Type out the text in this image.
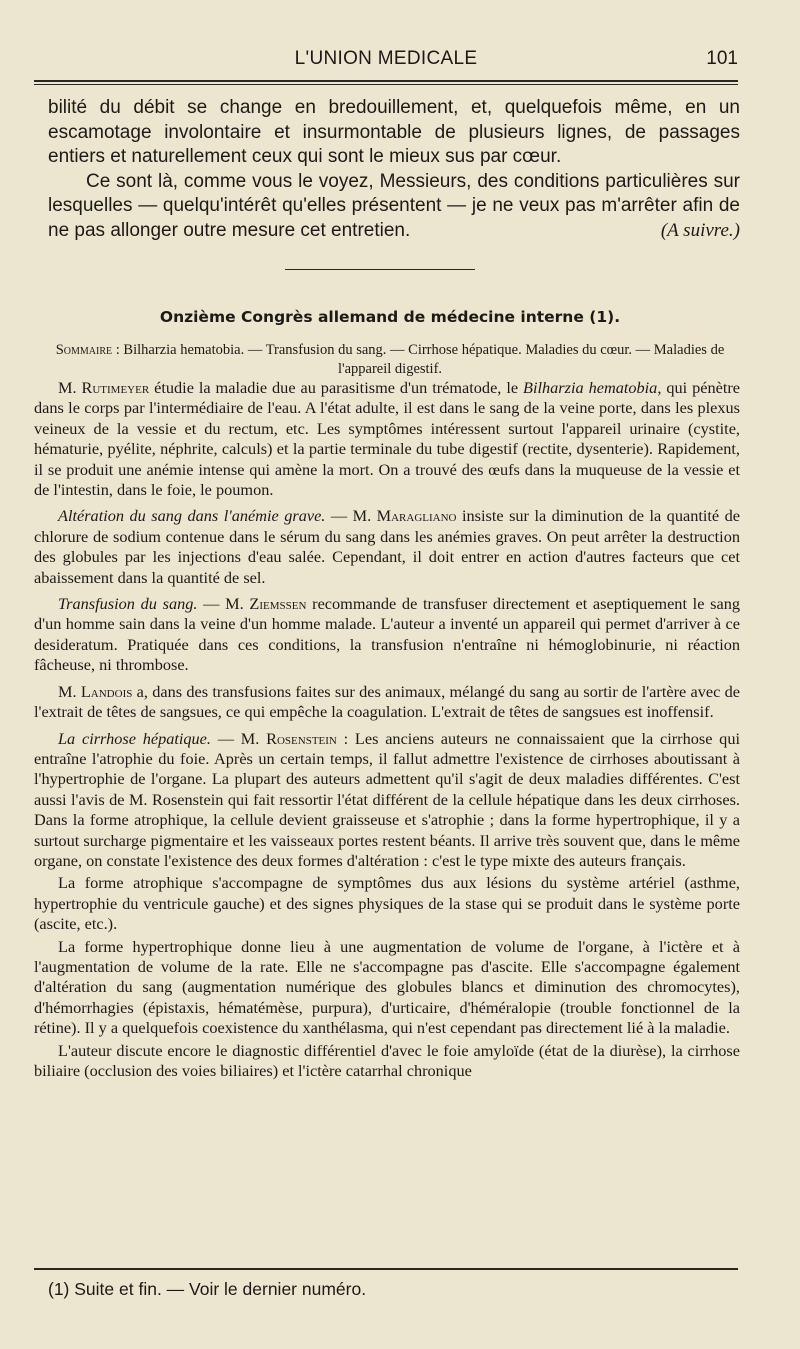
L'UNION MEDICALE	101

bilité du débit se change en bredouillement, et, quelquefois même, en un escamotage involontaire et insurmontable de plusieurs lignes, de passages entiers et naturellement ceux qui sont le mieux sus par cœur.

Ce sont là, comme vous le voyez, Messieurs, des conditions particulières sur lesquelles — quelqu'intérêt qu'elles présentent — je ne veux pas m'arrêter afin de ne pas allonger outre mesure cet entretien.	(A suivre.)

Onzième Congrès allemand de médecine interne (1).
Sommaire : Bilharzia hematobia. — Transfusion du sang. — Cirrhose hépatique. Maladies du cœur. — Maladies de l'appareil digestif.

M. Rutimeyer étudie la maladie due au parasitisme d'un trématode, le Bilharzia hematobia, qui pénètre dans le corps par l'intermédiaire de l'eau. A l'état adulte, il est dans le sang de la veine porte, dans les plexus veineux de la vessie et du rectum, etc. Les symptômes intéressent surtout l'appareil urinaire (cystite, hématurie, pyélite, néphrite, calculs) et la partie terminale du tube digestif (rectite, dysenterie). Rapidement, il se produit une anémie intense qui amène la mort. On a trouvé des œufs dans la muqueuse de la vessie et de l'intestin, dans le foie, le poumon.

Altération du sang dans l'anémie grave. — M. Maragliano insiste sur la diminution de la quantité de chlorure de sodium contenue dans le sérum du sang dans les anémies graves. On peut arrêter la destruction des globules par les injections d'eau salée. Cependant, il doit entrer en action d'autres facteurs que cet abaissement dans la quantité de sel.

Transfusion du sang. — M. Ziemssen recommande de transfuser directement et aseptiquement le sang d'un homme sain dans la veine d'un homme malade. L'auteur a inventé un appareil qui permet d'arriver à ce desideratum. Pratiquée dans ces conditions, la transfusion n'entraîne ni hémoglobinurie, ni réaction fâcheuse, ni thrombose.

M. Landois a, dans des transfusions faites sur des animaux, mélangé du sang au sortir de l'artère avec de l'extrait de têtes de sangsues, ce qui empêche la coagulation. L'extrait de têtes de sangsues est inoffensif.

La cirrhose hépatique. — M. Rosenstein : Les anciens auteurs ne connaissaient que la cirrhose qui entraîne l'atrophie du foie. Après un certain temps, il fallut admettre l'existence de cirrhoses aboutissant à l'hypertrophie de l'organe. La plupart des auteurs admettent qu'il s'agit de deux maladies différentes. C'est aussi l'avis de M. Rosenstein qui fait ressortir l'état différent de la cellule hépatique dans les deux cirrhoses. Dans la forme atrophique, la cellule devient graisseuse et s'atrophie ; dans la forme hypertrophique, il y a surtout surcharge pigmentaire et les vaisseaux portes restent béants. Il arrive très souvent que, dans le même organe, on constate l'existence des deux formes d'altération : c'est le type mixte des auteurs français.

La forme atrophique s'accompagne de symptômes dus aux lésions du système artériel (asthme, hypertrophie du ventricule gauche) et des signes physiques de la stase qui se produit dans le système porte (ascite, etc.).

La forme hypertrophique donne lieu à une augmentation de volume de l'organe, à l'ictère et à l'augmentation de volume de la rate. Elle ne s'accompagne pas d'ascite. Elle s'accompagne également d'altération du sang (augmentation numérique des globules blancs et diminution des chromocytes), d'hémorrhagies (épistaxis, hématémèse, purpura), d'urticaire, d'héméralopie (trouble fonctionnel de la rétine). Il y a quelquefois coexistence du xanthélasma, qui n'est cependant pas directement lié à la maladie.

L'auteur discute encore le diagnostic différentiel d'avec le foie amyloïde (état de la diurèse), la cirrhose biliaire (occlusion des voies biliaires) et l'ictère catarrhal chronique

(1) Suite et fin. — Voir le dernier numéro.
